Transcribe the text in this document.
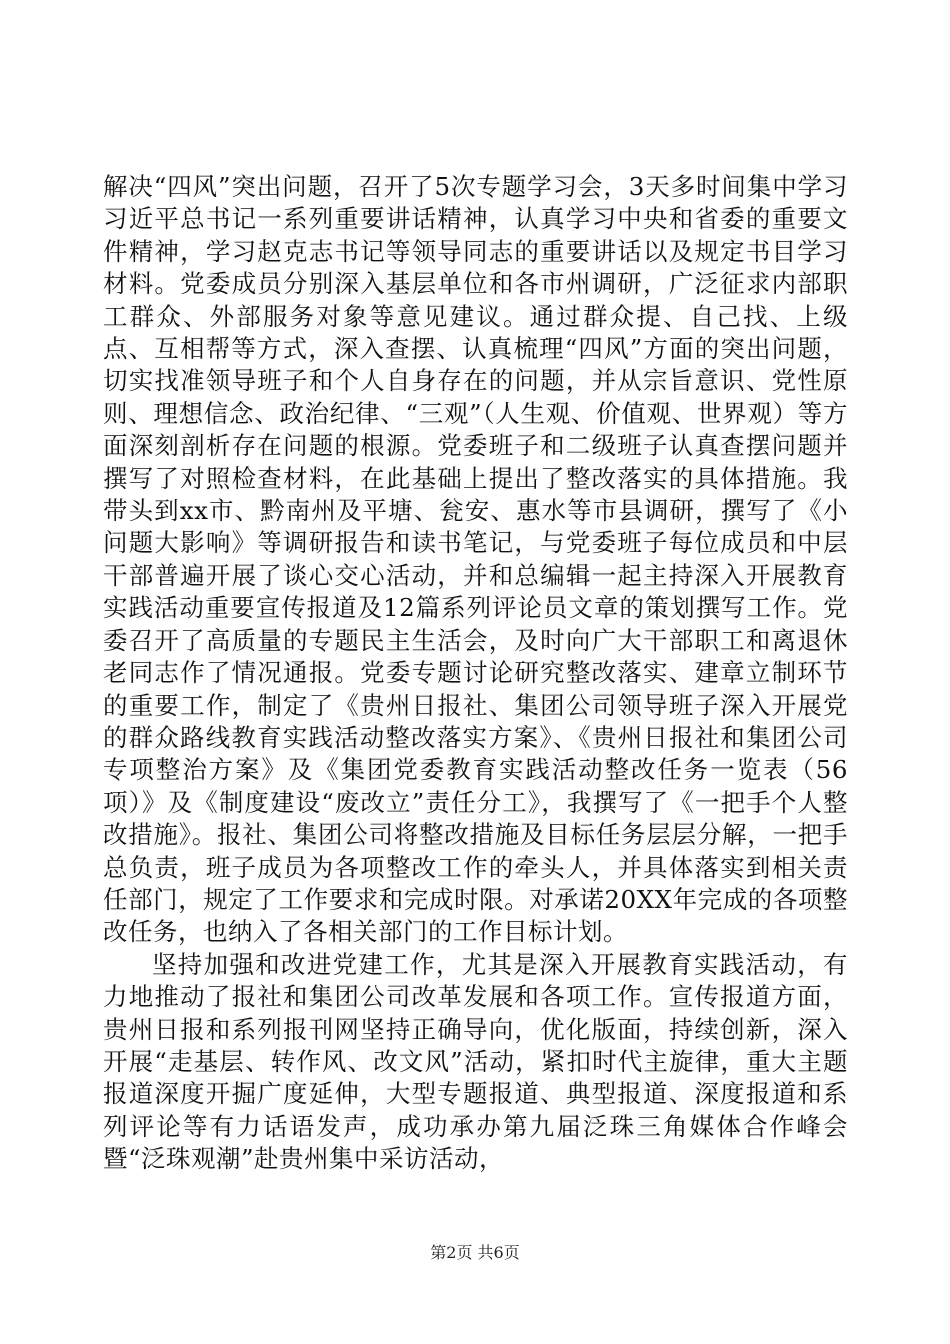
解决“四风”突出问题，召开了5次专题学习会，3天多时间集中学习习近平总书记一系列重要讲话精神，认真学习中央和省委的重要文件精神，学习赵克志书记等领导同志的重要讲话以及规定书目学习材料。党委成员分别深入基层单位和各市州调研，广泛征求内部职工群众、外部服务对象等意见建议。通过群众提、自己找、上级点、互相帮等方式，深入查摆、认真梳理“四风”方面的突出问题，切实找准领导班子和个人自身存在的问题，并从宗旨意识、党性原则、理想信念、政治纪律、“三观”（人生观、价值观、世界观）等方面深刻剖析存在问题的根源。党委班子和二级班子认真查摆问题并撰写了对照检查材料，在此基础上提出了整改落实的具体措施。我带头到xx市、黔南州及平塘、瓮安、惠水等市县调研，撰写了《小问题大影响》等调研报告和读书笔记，与党委班子每位成员和中层干部普遍开展了谈心交心活动，并和总编辑一起主持深入开展教育实践活动重要宣传报道及12篇系列评论员文章的策划撰写工作。党委召开了高质量的专题民主生活会，及时向广大干部职工和离退休老同志作了情况通报。党委专题讨论研究整改落实、建章立制环节的重要工作，制定了《贵州日报社、集团公司领导班子深入开展党的群众路线教育实践活动整改落实方案》、《贵州日报社和集团公司专项整治方案》及《集团党委教育实践活动整改任务一览表（56项）》及《制度建设“废改立”责任分工》，我撰写了《一把手个人整改措施》。报社、集团公司将整改措施及目标任务层层分解，一把手总负责，班子成员为各项整改工作的牵头人，并具体落实到相关责任部门，规定了工作要求和完成时限。对承诺20XX年完成的各项整改任务，也纳入了各相关部门的工作目标计划。

坚持加强和改进党建工作，尤其是深入开展教育实践活动，有力地推动了报社和集团公司改革发展和各项工作。宣传报道方面，贵州日报和系列报刊网坚持正确导向，优化版面，持续创新，深入开展“走基层、转作风、改文风”活动，紧扣时代主旋律，重大主题报道深度开掘广度延伸，大型专题报道、典型报道、深度报道和系列评论等有力话语发声，成功承办第九届泛珠三角媒体合作峰会暨“泛珠观潮”赴贵州集中采访活动，

第2页 共6页
